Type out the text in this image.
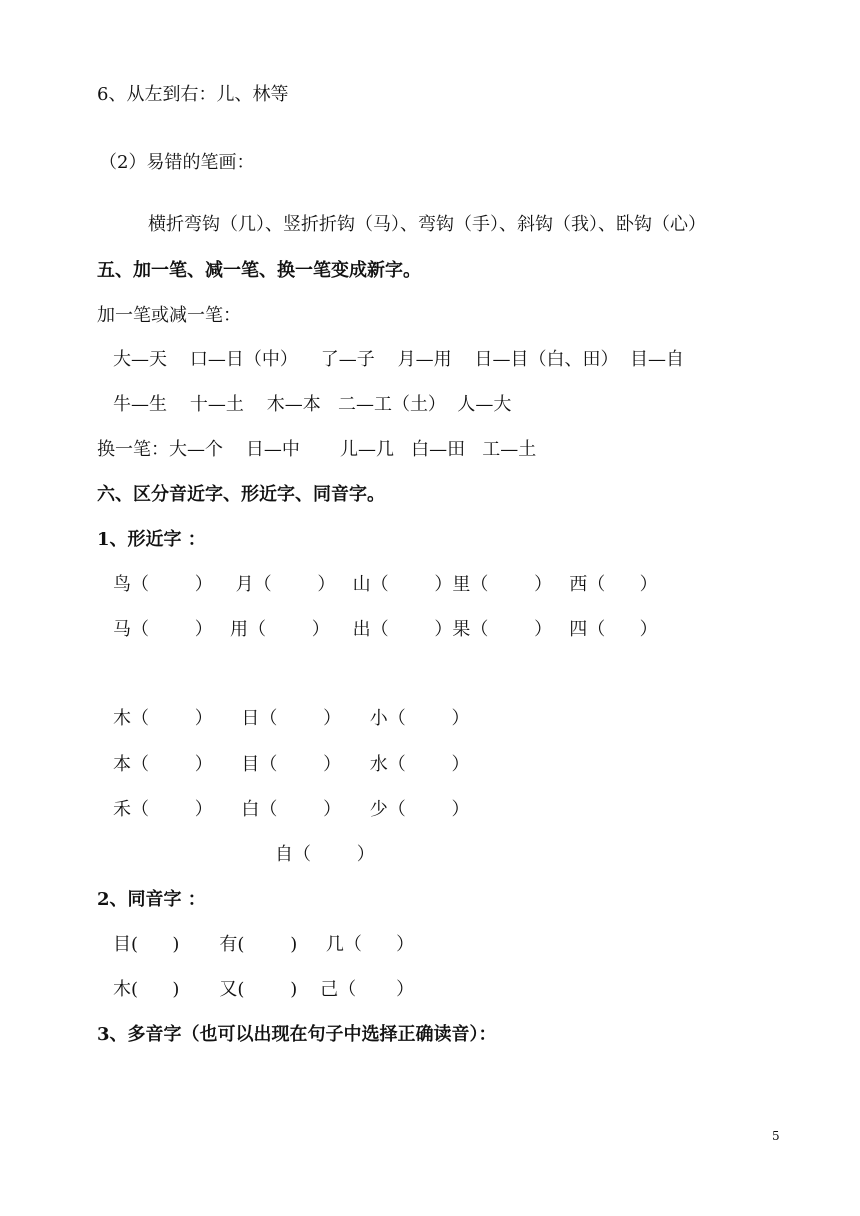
6、从左到右：儿、林等
（2）易错的笔画：
横折弯钩（几）、竖折折钩（马）、弯钩（手）、斜钩（我）、卧钩（心）
五、加一笔、减一笔、换一笔变成新字。
加一笔或减一笔：
大—天    口—日（中）    了—子    月—用    日—目（白、田）  目—自
牛—生    十—土    木—本   二—工（土）  人—大
换一笔：大—个    日—中       儿—几   白—田   工—土
六、区分音近字、形近字、同音字。
1、形近字 ：
鸟（        ）    月（        ）   山（        ）里（        ）   西（      ）
马（        ）   用（        ）    出（        ）果（        ）   四（      ）
木（        ）     日（        ）     小（        ）
本（        ）     目（        ）     水（        ）
禾（        ）     白（        ）     少（        ）
自（        ）
2、同音字 ：
目(      )       有(        )     几（      ）
木(      )       又(        )    己（       ）
3、多音字（也可以出现在句子中选择正确读音）：
5
